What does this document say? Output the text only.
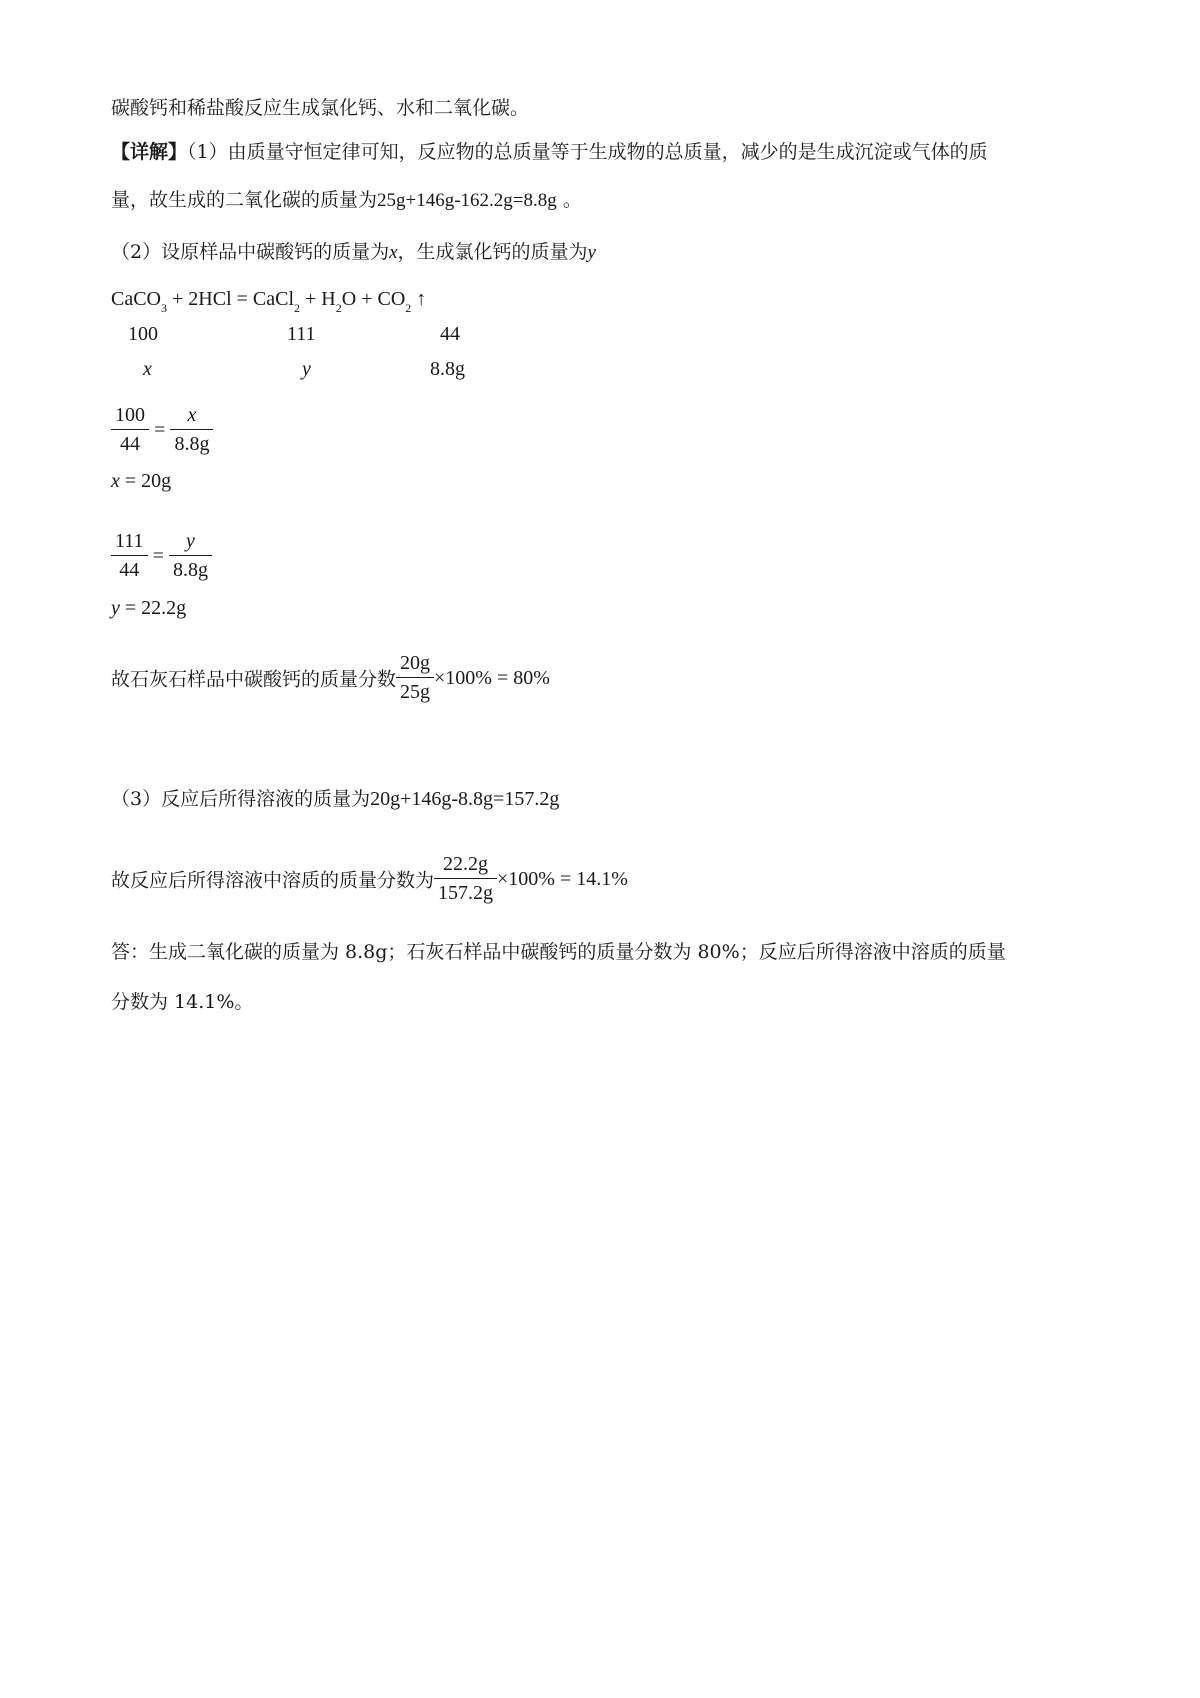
碳酸钙和稀盐酸反应生成氯化钙、水和二氧化碳。
【详解】（1）由质量守恒定律可知，反应物的总质量等于生成物的总质量，减少的是生成沉淀或气体的质
量，故生成的二氧化碳的质量为25g+146g-162.2g=8.8g 。
（2）设原样品中碳酸钙的质量为x，生成氯化钙的质量为y
CaCO$_3$ + 2HCl = CaCl$_2$ + $H_2O + CO_2$ ↑
100	111	44
x	y	8.8g
$\frac{100}{44} = \frac{x}{8.8g}$
x = 20g
$\frac{111}{44} = \frac{y}{8.8g}$
y = 22.2g
故石灰石样品中碳酸钙的质量分数 $\frac{20g}{25g} \times 100\% = 80\%$
（3）反应后所得溶液的质量为20g+146g-8.8g=157.2g
故反应后所得溶液中溶质的质量分数为 $\frac{22.2g}{157.2g} \times 100\% = 14.1\%$
答：生成二氧化碳的质量为 8.8g；石灰石样品中碳酸钙的质量分数为 80%；反应后所得溶液中溶质的质量
分数为 14.1%。
